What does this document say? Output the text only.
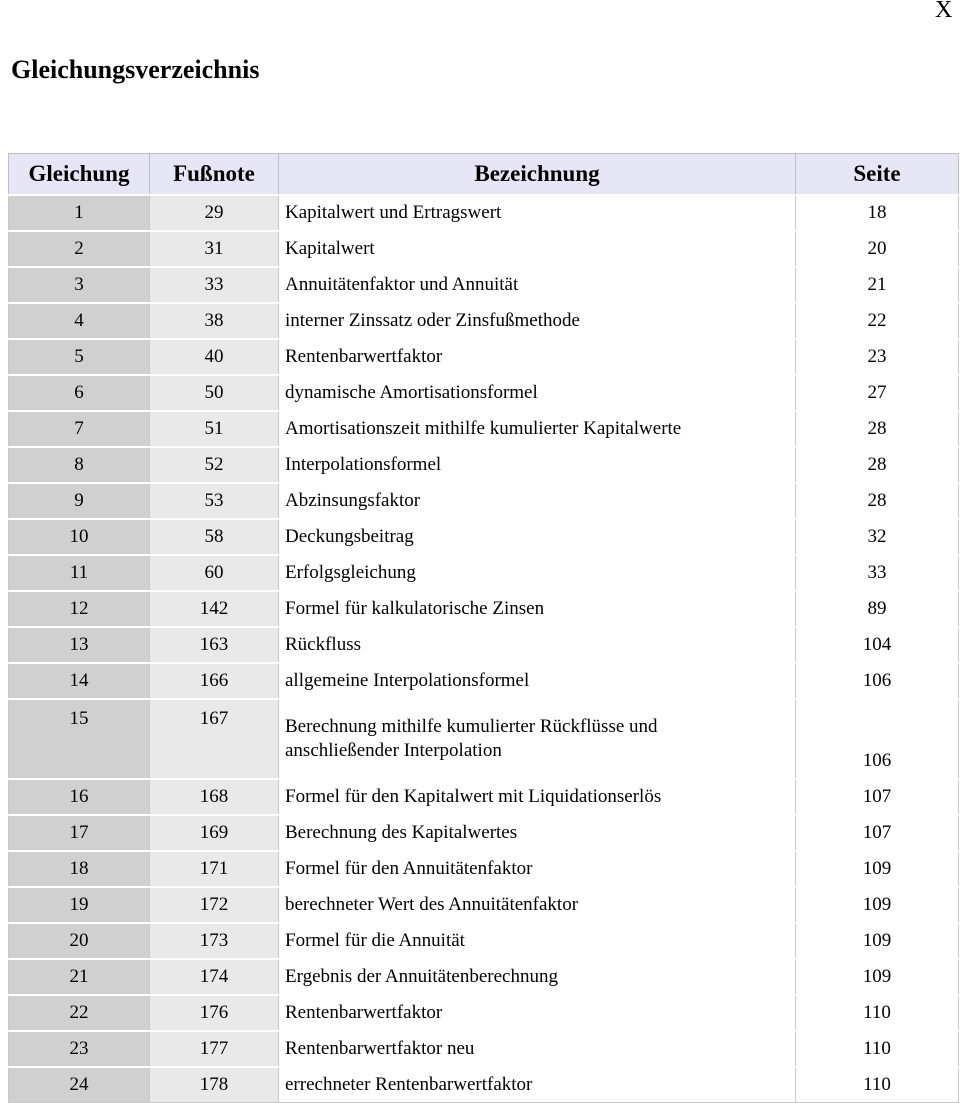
X
Gleichungsverzeichnis
Gleichung	Fußnote	Bezeichnung	Seite
1	29	Kapitalwert und Ertragswert	18
2	31	Kapitalwert	20
3	33	Annuitätenfaktor und Annuität	21
4	38	interner Zinssatz oder Zinsfußmethode	22
5	40	Rentenbarwertfaktor	23
6	50	dynamische Amortisationsformel	27
7	51	Amortisationszeit mithilfe kumulierter Kapitalwerte	28
8	52	Interpolationsformel	28
9	53	Abzinsungsfaktor	28
10	58	Deckungsbeitrag	32
11	60	Erfolgsgleichung	33
12	142	Formel für kalkulatorische Zinsen	89
13	163	Rückfluss	104
14	166	allgemeine Interpolationsformel	106
15	167	Berechnung mithilfe kumulierter Rückflüsse und anschließender Interpolation	106
16	168	Formel für den Kapitalwert mit Liquidationserlös	107
17	169	Berechnung des Kapitalwertes	107
18	171	Formel für den Annuitätenfaktor	109
19	172	berechneter Wert des Annuitätenfaktor	109
20	173	Formel für die Annuität	109
21	174	Ergebnis der Annuitätenberechnung	109
22	176	Rentenbarwertfaktor	110
23	177	Rentenbarwertfaktor neu	110
24	178	errechneter Rentenbarwertfaktor	110
